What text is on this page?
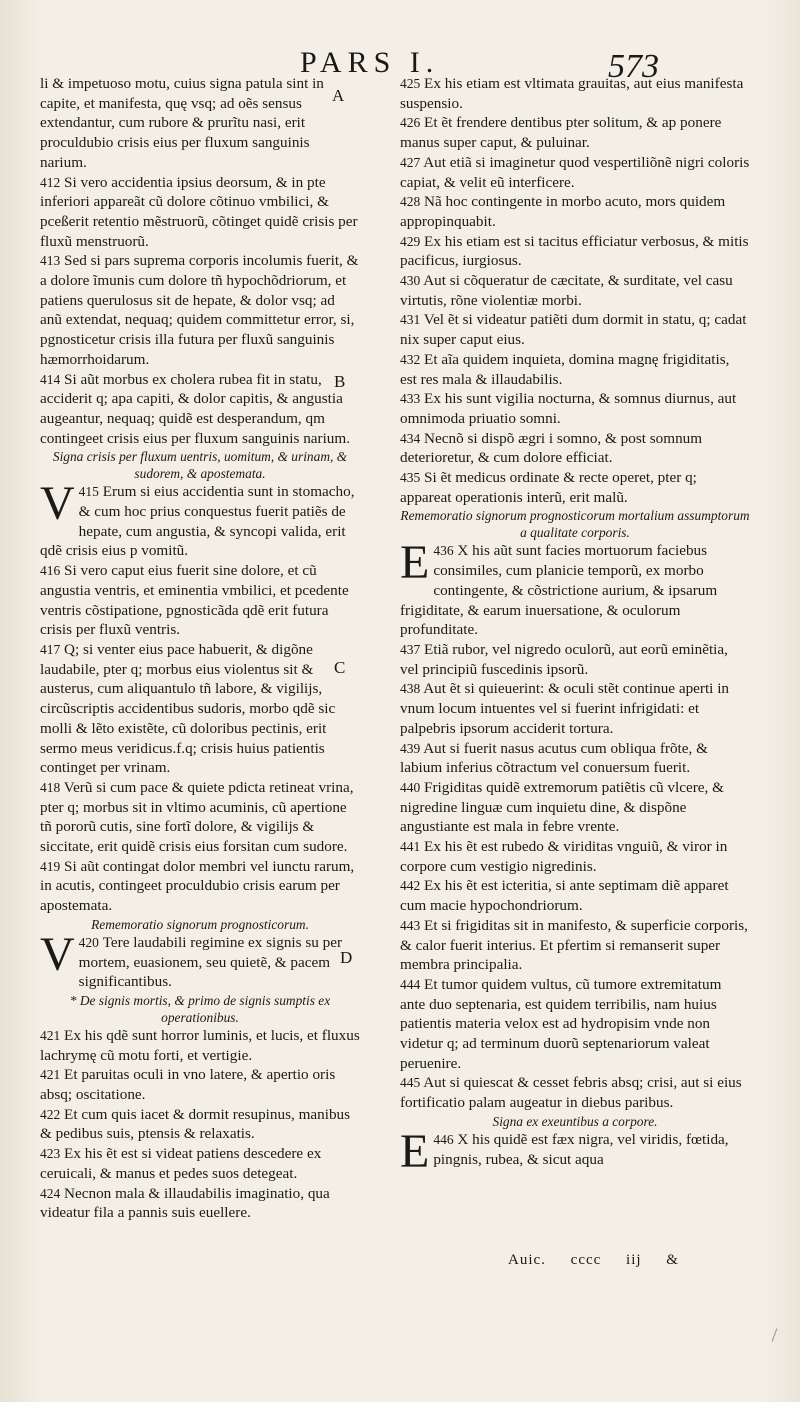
PARS I.	573
A
B
C
D

li & impetuoso motu, cuius signa patula sint in capite, et manifesta, quę vsq; ad oẽs sensus extendantur, cum rubore & prurĩtu nasi, erit proculdubio crisis eius per fluxum sanguinis narium.

412 Si vero accidentia ipsius deorsum, & in pte inferiori appareãt cũ dolore cõtinuo vmbilici, & pceßerit retentio mẽstruorũ, cõtinget quidẽ crisis per fluxũ menstruorũ.

413 Sed si pars suprema corporis incolumis fuerit, & a dolore ĩmunis cum dolore tñ hypochõdriorum, et patiens querulosus sit de hepate, & dolor vsq; ad anũ extendat, nequaq; quidem committetur error, si, pgnosticetur crisis illa futura per fluxũ sanguinis hæmorrhoidarum.

414 Si aũt morbus ex cholera rubea fit in statu, acciderit q; apa capiti, & dolor capitis, & angustia augeantur, nequaq; quidẽ est desperandum, qm contingeet crisis eius per fluxum sanguinis narium.

Signa crisis per fluxum uentris, uomitum, & urinam, & sudorem, & apostemata.

415
V Erum si eius accidentia sunt in stomacho, & cum hoc prius conquestus fuerit patiẽs de hepate, cum angustia, & syncopi valida, erit qdẽ crisis eius p vomitũ.

416 Si vero caput eius fuerit sine dolore, et cũ angustia ventris, et eminentia vmbilici, et pcedente ventris cõstipatione, pgnosticãda qdẽ erit futura crisis per fluxũ ventris.

417 Q; si venter eius pace habuerit, & digõne laudabile, pter q; morbus eius violentus sit & austerus, cum aliquantulo tñ labore, & vigilijs, circũscriptis accidentibus sudoris, morbo qdẽ sic molli & lẽto existẽte, cũ doloribus pectinis, erit sermo meus veridicus.f.q; crisis huius patientis continget per vrinam.

418 Verũ si cum pace & quiete pdicta retineat vrina, pter q; morbus sit in vltimo acuminis, cũ apertione tñ pororũ cutis, sine fortĩ dolore, & vigilijs & siccitate, erit quidẽ crisis eius forsitan cum sudore.

419 Si aũt contingat dolor membri vel iunctu rarum, in acutis, contingeet proculdubio crisis earum per apostemata.

Rememoratio signorum prognosticorum.

420
V Tere laudabili regimine ex signis su per mortem, euasionem, seu quietẽ, & pacem significantibus.

* De signis mortis, & primo de signis sumptis ex operationibus.

421 Ex his qdẽ sunt horror luminis, et lucis, et fluxus lachrymę cũ motu forti, et vertigie.

421 Et paruitas oculi in vno latere, & apertio oris absq; oscitatione.

422 Et cum quis iacet & dormit resupinus, manibus & pedibus suis, ptensis & relaxatis.

423 Ex his ẽt est si videat patiens descedere ex ceruicali, & manus et pedes suos detegeat.

424 Necnon mala & illaudabilis imaginatio, qua videatur fila a pannis suis euellere.

425 Ex his etiam est vltimata grauitas, aut eius manifesta suspensio.

426 Et ẽt frendere dentibus pter solitum, & ap ponere manus super caput, & puluinar.

427 Aut etiã si imaginetur quod vespertiliõnẽ nigri coloris capiat, & velit eũ interficere.

428 Nã hoc contingente in morbo acuto, mors quidem appropinquabit.

429 Ex his etiam est si tacitus efficiatur verbosus, & mitis pacificus, iurgiosus.

430 Aut si cõqueratur de cæcitate, & surditate, vel casu virtutis, rõne violentiæ morbi.

431 Vel ẽt si videatur patiẽti dum dormit in statu, q; cadat nix super caput eius.

432 Et aĩa quidem inquieta, domina magnę frigiditatis, est res mala & illaudabilis.

433 Ex his sunt vigilia nocturna, & somnus diurnus, aut omnimoda priuatio somni.

434 Necnõ si dispõ ægri i somno, & post somnum deterioretur, & cum dolore efficiat.

435 Si ẽt medicus ordinate & recte operet, pter q; appareat operationis interũ, erit malũ.

Rememoratio signorum prognosticorum mortalium assumptorum a qualitate corporis.

436
E X his aũt sunt facies mortuorum faciebus consimiles, cum planicie temporũ, ex morbo contingente, & cõstrictione aurium, & ipsarum frigiditate, & earum inuersatione, & oculorum profunditate.

437 Etiã rubor, vel nigredo oculorũ, aut eorũ eminẽtia, vel principiũ fuscedinis ipsorũ.

438 Aut ẽt si quieuerint: & oculi stẽt continue aperti in vnum locum intuentes vel si fuerint infrigidati: et palpebris ipsorum acciderit tortura.

439 Aut si fuerit nasus acutus cum obliqua frõte, & labium inferius cõtractum vel conuersum fuerit.

440 Frigiditas quidẽ extremorum patiẽtis cũ vlcere, & nigredine linguæ cum inquietu dine, & dispõne angustiante est mala in febre vrente.

441 Ex his ẽt est rubedo & viriditas vnguiũ, & viror in corpore cum vestigio nigredinis.

442 Ex his ẽt est icteritia, si ante septimam diẽ apparet cum macie hypochondriorum.

443 Et si frigiditas sit in manifesto, & superficie corporis, & calor fuerit interius. Et pfertim si remanserit super membra principalia.

444 Et tumor quidem vultus, cũ tumore extremitatum ante duo septenaria, est quidem terribilis, nam huius patientis materia velox est ad hydropisim vnde non videtur q; ad terminum duorũ septenariorum valeat peruenire.

445 Aut si quiescat & cesset febris absq; crisi, aut si eius fortificatio palam augeatur in diebus paribus.

Signa ex exeuntibus a corpore.

446
E X his quidẽ est fæx nigra, vel viridis, fœtida, pingnis, rubea, & sicut aqua

Auic. cccc iij &
